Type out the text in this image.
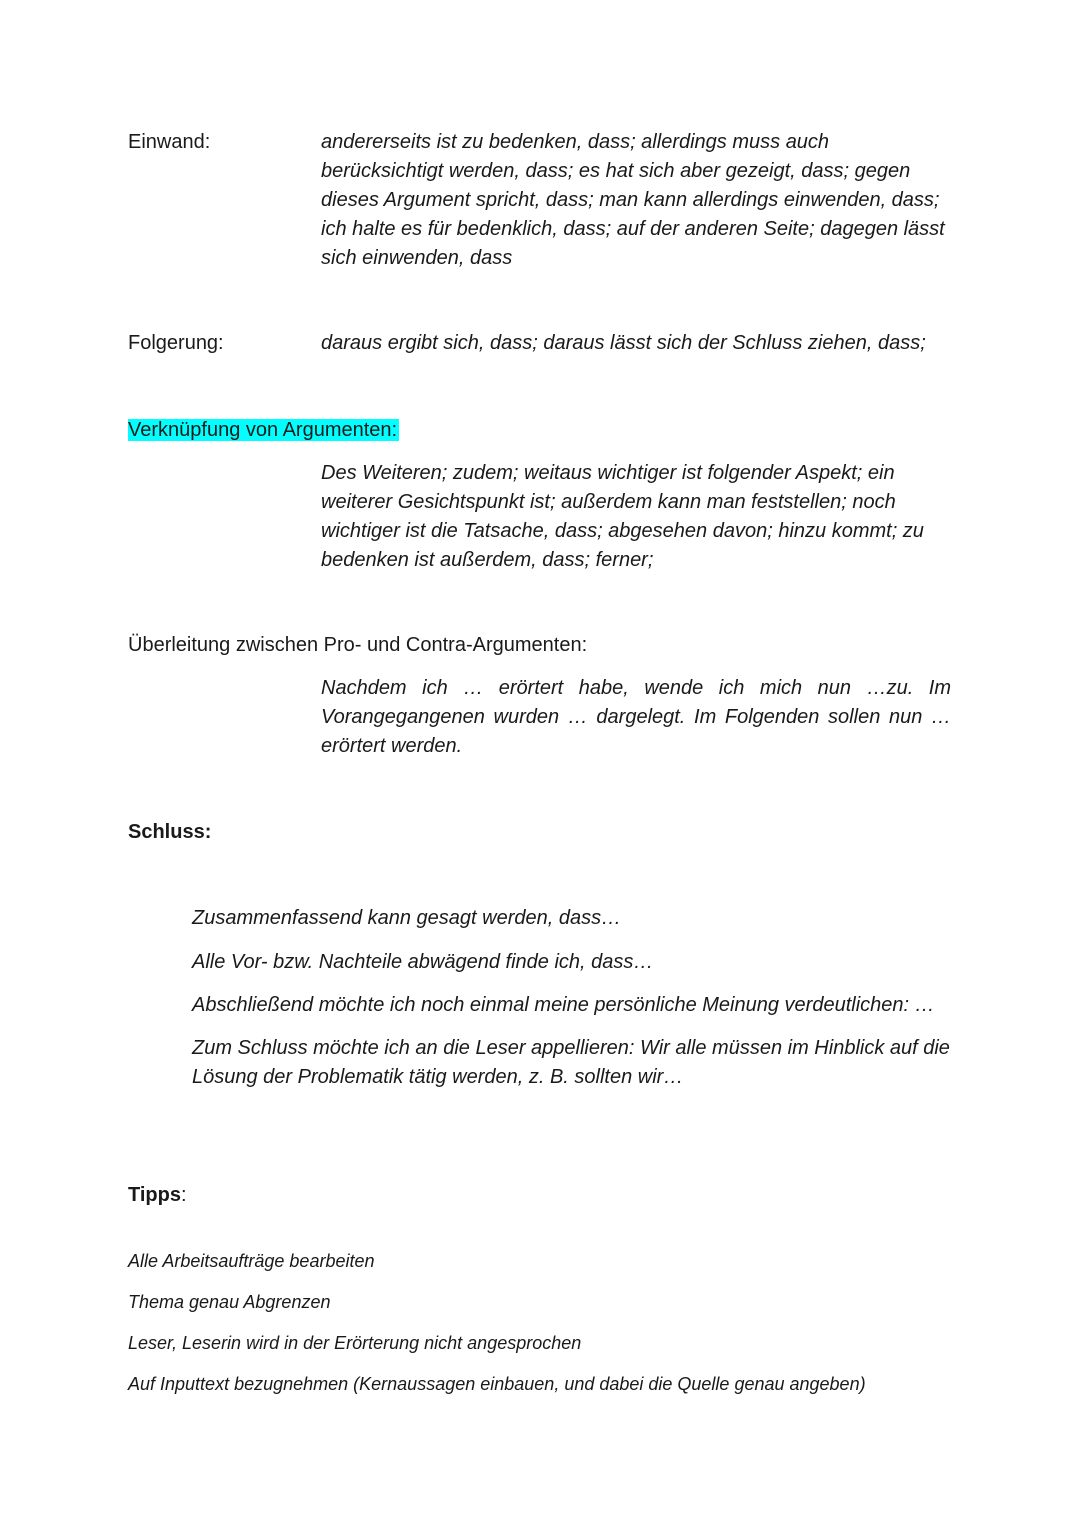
Einwand:	andererseits ist zu bedenken, dass; allerdings muss auch berücksichtigt werden, dass; es hat sich aber gezeigt, dass; gegen dieses Argument spricht, dass; man kann allerdings einwenden, dass; ich halte es für bedenklich, dass; auf der anderen Seite; dagegen lässt sich einwenden, dass
Folgerung:	daraus ergibt sich, dass; daraus lässt sich der Schluss ziehen, dass;
Verknüpfung von Argumenten:
Des Weiteren; zudem; weitaus wichtiger ist folgender Aspekt; ein weiterer Gesichtspunkt ist; außerdem kann man feststellen; noch wichtiger ist die Tatsache, dass; abgesehen davon; hinzu kommt; zu bedenken ist außerdem, dass; ferner;
Überleitung zwischen Pro- und Contra-Argumenten:
Nachdem ich … erörtert habe, wende ich mich nun …zu. Im Vorangegangenen wurden … dargelegt. Im Folgenden sollen nun … erörtert werden.
Schluss:
Zusammenfassend kann gesagt werden, dass…
Alle Vor- bzw. Nachteile abwägend finde ich, dass…
Abschließend möchte ich noch einmal meine persönliche Meinung verdeutlichen: …
Zum Schluss möchte ich an die Leser appellieren: Wir alle müssen im Hinblick auf die Lösung der Problematik tätig werden, z. B. sollten wir…
Tipps:
Alle Arbeitsaufträge bearbeiten
Thema genau Abgrenzen
Leser, Leserin wird in der Erörterung nicht angesprochen
Auf Inputtext bezugnehmen (Kernaussagen einbauen, und dabei die Quelle genau angeben)
